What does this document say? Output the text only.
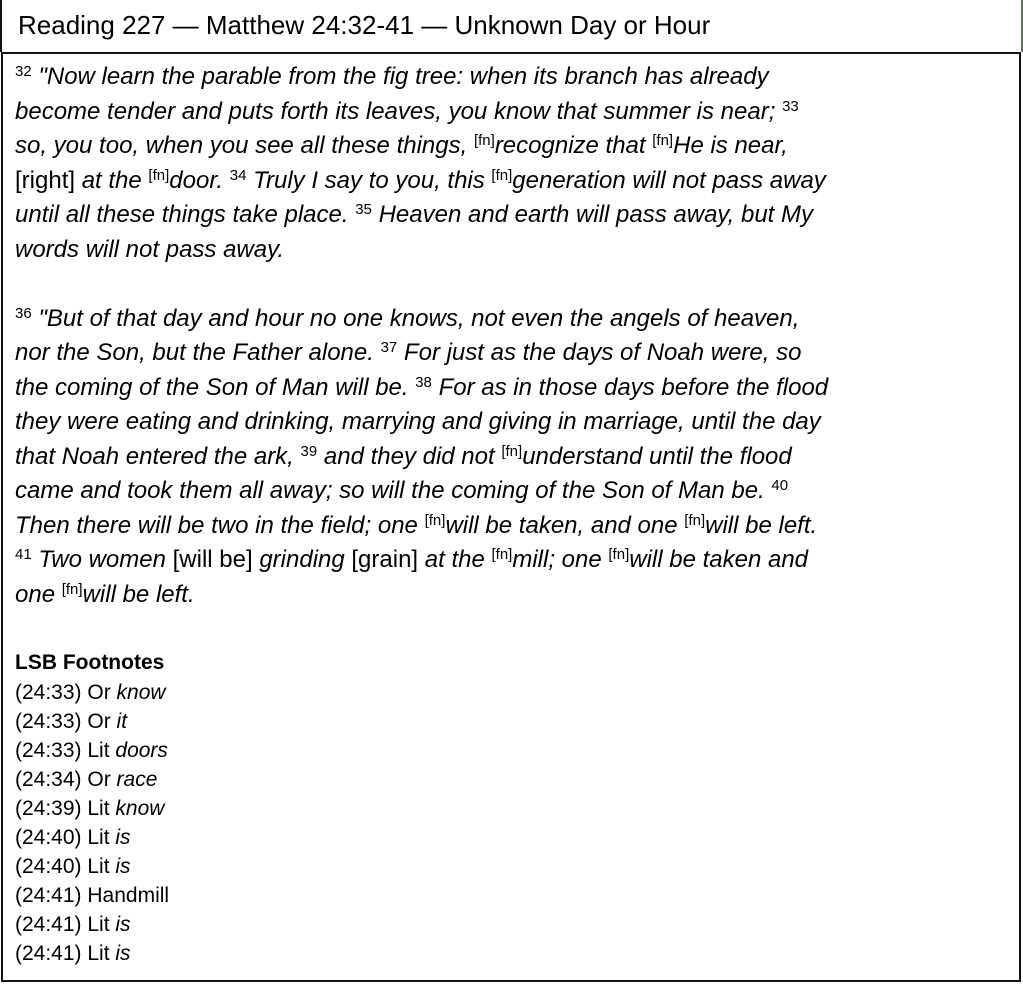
Reading 227 — Matthew 24:32-41 — Unknown Day or Hour

$^{32}$ "Now learn the parable from the fig tree: when its branch has already
become tender and puts forth its leaves, you know that summer is near; $^{33}$
so, you too, when you see all these things, [fn]recognize that [fn]He is near,
[right] at the [fn]door. $^{34}$ Truly I say to you, this [fn]generation will not pass away
until all these things take place. $^{35}$ Heaven and earth will pass away, but My
words will not pass away.

$^{36}$ "But of that day and hour no one knows, not even the angels of heaven,
nor the Son, but the Father alone. $^{37}$ For just as the days of Noah were, so
the coming of the Son of Man will be. $^{38}$ For as in those days before the flood
they were eating and drinking, marrying and giving in marriage, until the day
that Noah entered the ark, $^{39}$ and they did not [fn]understand until the flood
came and took them all away; so will the coming of the Son of Man be. $^{40}$
Then there will be two in the field; one [fn]will be taken, and one [fn]will be left.
$^{41}$ Two women [will be] grinding [grain] at the [fn]mill; one [fn]will be taken and
one [fn]will be left.

LSB Footnotes
(24:33) Or know
(24:33) Or it
(24:33) Lit doors
(24:34) Or race
(24:39) Lit know
(24:40) Lit is
(24:40) Lit is
(24:41) Handmill
(24:41) Lit is
(24:41) Lit is
